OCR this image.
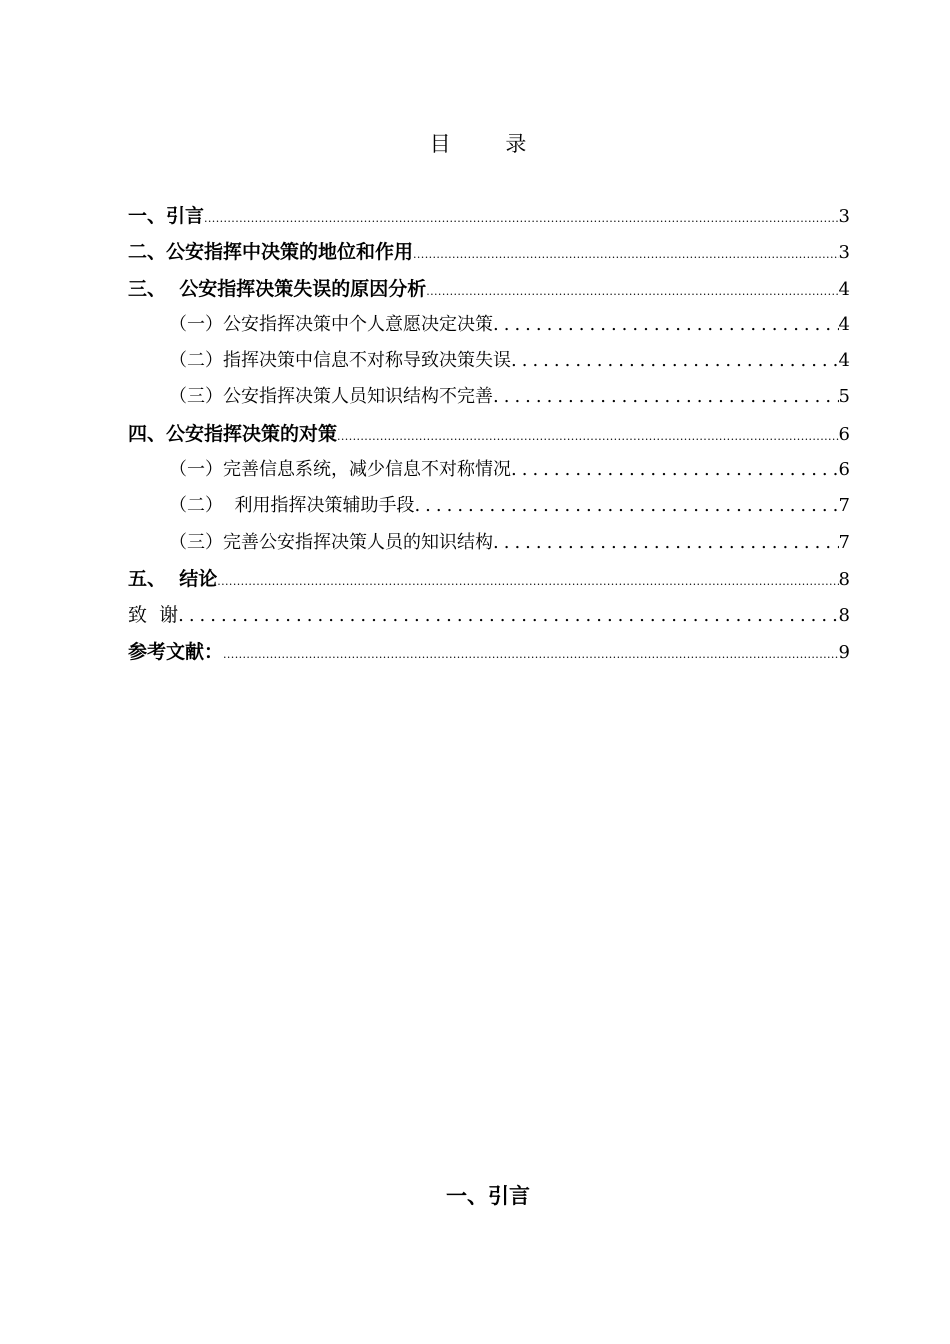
目 录
一、引言 .....	3
二、公安指挥中决策的地位和作用 .....	3
三、  公安指挥决策失误的原因分析 .....	4
（一）公安指挥决策中个人意愿决定决策 .....	4
（二）指挥决策中信息不对称导致决策失误 .....	4
（三）公安指挥决策人员知识结构不完善 .....	5
四、公安指挥决策的对策 .....	6
（一）完善信息系统，减少信息不对称情况 .....	6
（二）  利用指挥决策辅助手段 .....	7
（三）完善公安指挥决策人员的知识结构 .....	7
五、  结论 .....	8
致  谢 .....	8
参考文献： .....	9
一、引言
